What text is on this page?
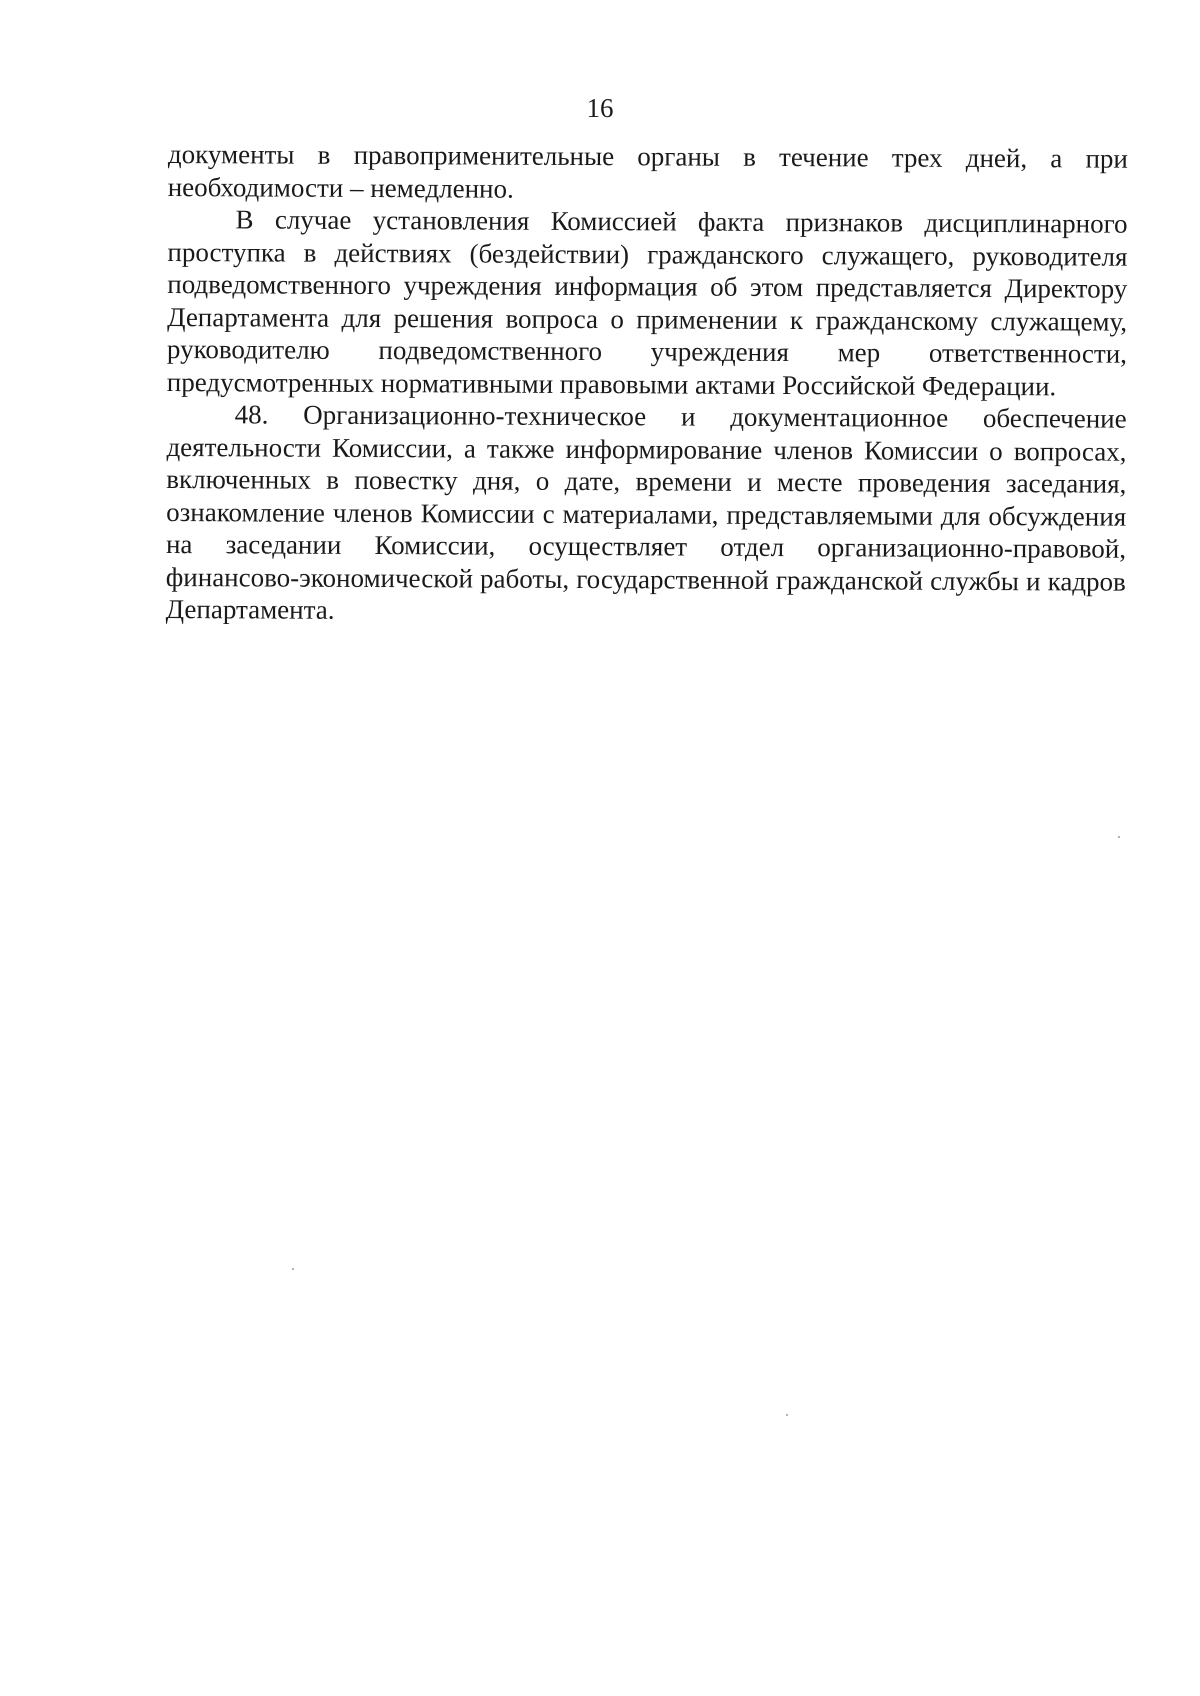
16

документы в правоприменительные органы в течение трех дней, а при необходимости – немедленно.

В случае установления Комиссией факта признаков дисциплинарного проступка в действиях (бездействии) гражданского служащего, руководителя подведомственного учреждения информация об этом представляется Директору Департамента для решения вопроса о применении к гражданскому служащему, руководителю подведомственного учреждения мер ответственности, предусмотренных нормативными правовыми актами Российской Федерации.

48. Организационно-техническое и документационное обеспечение деятельности Комиссии, а также информирование членов Комиссии о вопросах, включенных в повестку дня, о дате, времени и месте проведения заседания, ознакомление членов Комиссии с материалами, представляемыми для обсуждения на заседании Комиссии, осуществляет отдел организационно-правовой, финансово-экономической работы, государственной гражданской службы и кадров Департамента.
